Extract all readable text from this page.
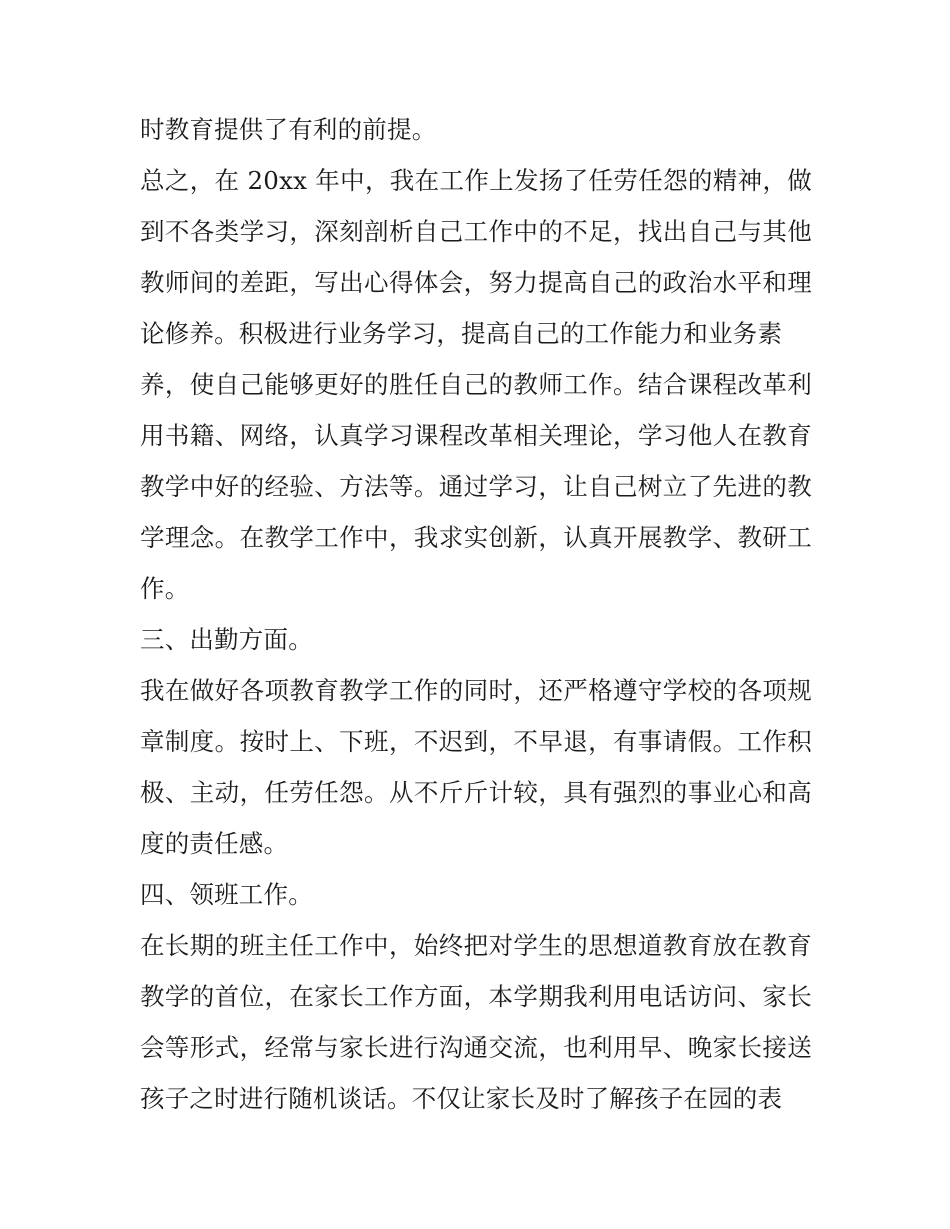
时教育提供了有利的前提。
总之，在 20xx 年中，我在工作上发扬了任劳任怨的精神，做
到不各类学习，深刻剖析自己工作中的不足，找出自己与其他
教师间的差距，写出心得体会，努力提高自己的政治水平和理
论修养。积极进行业务学习，提高自己的工作能力和业务素
养，使自己能够更好的胜任自己的教师工作。结合课程改革利
用书籍、网络，认真学习课程改革相关理论，学习他人在教育
教学中好的经验、方法等。通过学习，让自己树立了先进的教
学理念。在教学工作中，我求实创新，认真开展教学、教研工
作。
三、出勤方面。
我在做好各项教育教学工作的同时，还严格遵守学校的各项规
章制度。按时上、下班，不迟到，不早退，有事请假。工作积
极、主动，任劳任怨。从不斤斤计较，具有强烈的事业心和高
度的责任感。
四、领班工作。
在长期的班主任工作中，始终把对学生的思想道教育放在教育
教学的首位，在家长工作方面，本学期我利用电话访问、家长
会等形式，经常与家长进行沟通交流，也利用早、晚家长接送
孩子之时进行随机谈话。不仅让家长及时了解孩子在园的表
